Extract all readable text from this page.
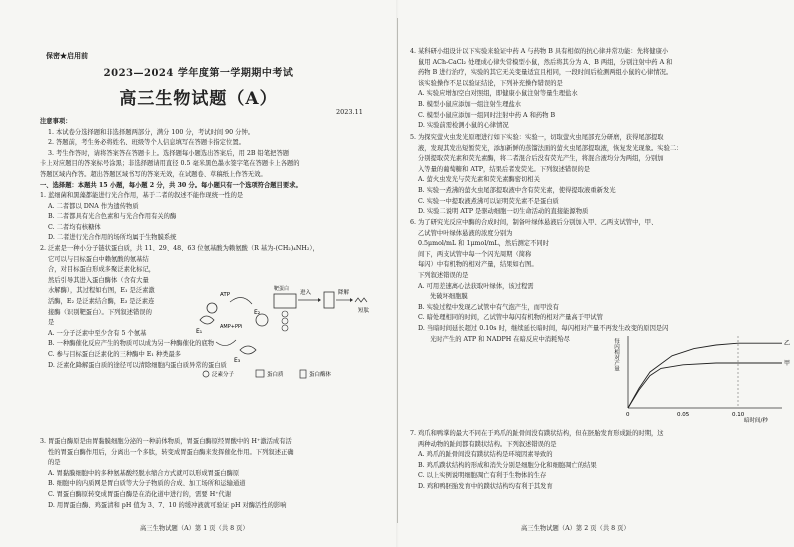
保密★启用前
2023—2024 学年度第一学期期中考试
高三生物试题（A）
2023.11
注意事项：
1. 本试卷分选择题和非选择题两部分，满分 100 分，考试时间 90 分钟。
2. 答题前，考生务必将姓名、班级等个人信息填写在答题卡指定位置。
3. 考生作答时，请将答案答在答题卡上。选择题每小题选出答案后，用 2B 铅笔把答题
卡上对应题目的答案标号涂黑；非选择题请用直径 0.5 毫米黑色墨水签字笔在答题卡上各题的
答题区域内作答。超出答题区域书写的答案无效，在试题卷、草稿纸上作答无效。
一、选择题：本题共 15 小题，每小题 2 分，共 30 分。每小题只有一个选项符合题目要求。
1. 蓝细菌和黑藻都能进行光合作用，基于二者的叙述不能作现统一性的是
A. 二者都以 DNA 作为遗传物质
B. 二者都具有光合色素和与光合作用有关的酶
C. 二者均有核糖体
D. 二者进行光合作用的场所均属于生物膜系统
2. 泛素是一种小分子链状蛋白质，共 11、29、48、63 位氨基酸为赖氨酸（R 基为-(CH₂)₄NH₂），
它可以与目标蛋白中赖氨酸的氨基结
合，对目标蛋白形成多聚泛素化标记，
然后引导其进入蛋白酶体（含有大量
水解酶），其过程如右图，E₁ 是泛素激
活酶，E₂ 是泛素结合酶，E₃ 是泛素连
接酶（识别靶蛋白）。下列叙述错误的
是
A. 一分子泛素中至少含有 5 个氨基
B. 一种酶催化反应产生的物质可以成为另一种酶催化的底物
C. 参与目标蛋白泛素化的三种酶中 E₁ 种类最多
D. 泛素化降解蛋白质的途径可以清除细胞内蛋白质异常的蛋白质
E₁
ATP
AMP+PPi
E₂
E₃
靶蛋白
进入	降解
短肽
泛素分子	蛋白质	蛋白酶体
3. 胃蛋白酶原是由胃黏膜细胞分泌的一种前体物质，胃蛋白酶原经胃酸中的 H⁺激活成有活
性的胃蛋白酶作用后，分离出一个多肽，转变成胃蛋白酶来发挥催化作用。下列叙述正确
的是
A. 胃黏膜细胞中的多种氨基酸经脱水缩合方式就可以形成胃蛋白酶原
B. 细胞中的内质网是胃白质等大分子物质的合成、加工场所和运输通道
C. 胃蛋白酶原转变成胃蛋白酶是在消化道中进行的，需要 H⁺代谢
D. 用胃蛋白酶、鸡蛋清和 pH 值为 3、7、10 的缓冲液就可验证 pH 对酶活性的影响
高三生物试题（A）第 1 页（共 8 页）
4. 某科研小组设计以下实验来验证中药 A 与药物 B 具有相似的抗心律并常功能：先将健康小
鼠用 ACh-CaCl₂ 处理成心律失常模型小鼠，然后将其分为 A、B 两组，分别注射中药 A 和
药物 B 进行治疗，实验的其它无关变量适宜且相同，一段时间后检测两组小鼠的心律情况。
该实验操作不足以验证结论，下列补充操作错误的是
A. 实验应增加空白对照组，即健康小鼠注射等量生理盐水
B. 模型小鼠应添加一组注射生理盐水
C. 模型小鼠应添加一组同时注射中药 A 和药物 B
D. 实验前需检测小鼠的心律情况
5. 为探究萤火虫发光原理进行如下实验：实验一，切取萤火虫尾部充分研磨，获得尾部提取
液，发现其发出短暂荧光，添加新鲜的蒸馏法面的萤火虫尾部提取液，恢复发光现象。实验二：
分别提取荧光素和荧光素酶，将二者混合后没有荧光产生，将混合液均分为两组，分别加
入等量的葡萄糖和 ATP，结果后者发荧光。下列叙述错误的是
A. 萤火虫发光与荧光素和荧光素酶密切相关
B. 实验一煮沸的萤火虫尾部提取液中含有荧光素，使得提取液重新发光
C. 实验一中提取液煮沸可以证明荧光素不是蛋白质
D. 实验二说明 ATP 是驱动细胞一切生命活动的直接能源物质
6. 为了研究光反应中酶的合成时间，制备叶绿体悬液后分别加入甲、乙两支试管中，甲、
乙试管中叶绿体悬液的浓度分别为
0.5μmol/mL 和 1μmol/mL，然后测定不同时
间下，两支试管中每一个闪光周期（简称
每闪）中有机物的相对产量，结果如右图。
下列叙述错误的是
A. 可用差速离心法获取叶绿体，该过程需
先破坏细胞膜
B. 实验过程中发现乙试管中有气泡产生，而甲没有
C. 暗处理相同的时间，乙试管中每闪有机物的相对产量高于甲试管
D. 当暗时间延长超过 0.10s 时，继续延长暗时间，每闪相对产量不再发生改变的原因是闪
光时产生的 ATP 和 NADPH 在暗反应中消耗殆尽
7. 鸡爪和鸭掌的最大不同在于鸡爪的趾骨间没有蹼状结构，但在胚胎发育形成趾的时期，这
两种动物的趾间都有蹼状结构。下列叙述错误的是
A. 鸡爪的趾骨间没有蹼状结构是环境因素导致的
B. 鸡爪蹼状结构的形成和消失分别是细胞分化和细胞凋亡的结果
C. 以上实例说明细胞凋亡有利于生物体的生存
D. 鸡和鸭胚胎发育中的蹼状结构均有利于其发育
高三生物试题（A）第 2 页（共 8 页）
每闪相对产量
暗时间/秒
0	0.05	0.10
甲
乙
